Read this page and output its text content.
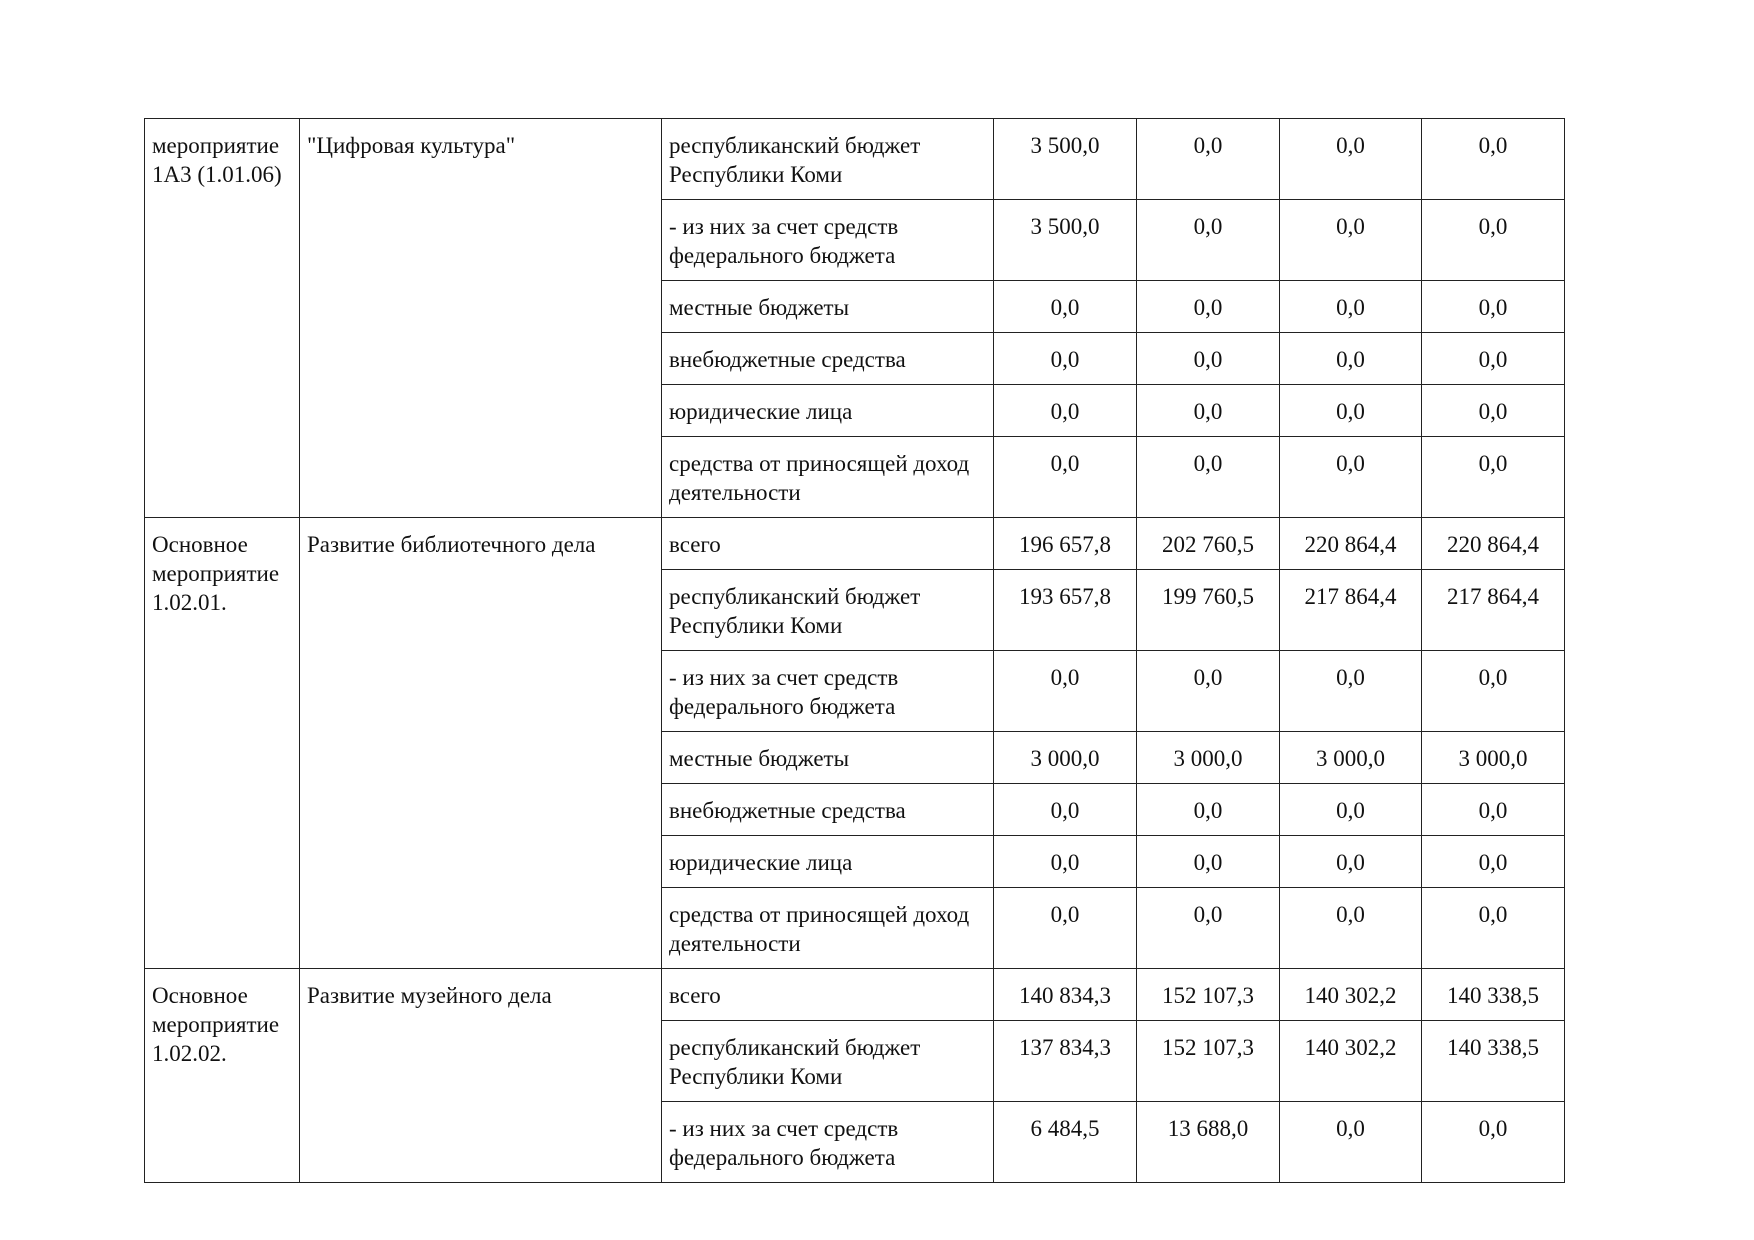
мероприятие 1А3 (1.01.06)	"Цифровая культура"	республиканский бюджет Республики Коми	3 500,0	0,0	0,0	0,0
		- из них за счет средств федерального бюджета	3 500,0	0,0	0,0	0,0
		местные бюджеты	0,0	0,0	0,0	0,0
		внебюджетные средства	0,0	0,0	0,0	0,0
		юридические лица	0,0	0,0	0,0	0,0
		средства от приносящей доход деятельности	0,0	0,0	0,0	0,0
Основное мероприятие 1.02.01.	Развитие библиотечного дела	всего	196 657,8	202 760,5	220 864,4	220 864,4
		республиканский бюджет Республики Коми	193 657,8	199 760,5	217 864,4	217 864,4
		- из них за счет средств федерального бюджета	0,0	0,0	0,0	0,0
		местные бюджеты	3 000,0	3 000,0	3 000,0	3 000,0
		внебюджетные средства	0,0	0,0	0,0	0,0
		юридические лица	0,0	0,0	0,0	0,0
		средства от приносящей доход деятельности	0,0	0,0	0,0	0,0
Основное мероприятие 1.02.02.	Развитие музейного дела	всего	140 834,3	152 107,3	140 302,2	140 338,5
		республиканский бюджет Республики Коми	137 834,3	152 107,3	140 302,2	140 338,5
		- из них за счет средств федерального бюджета	6 484,5	13 688,0	0,0	0,0
